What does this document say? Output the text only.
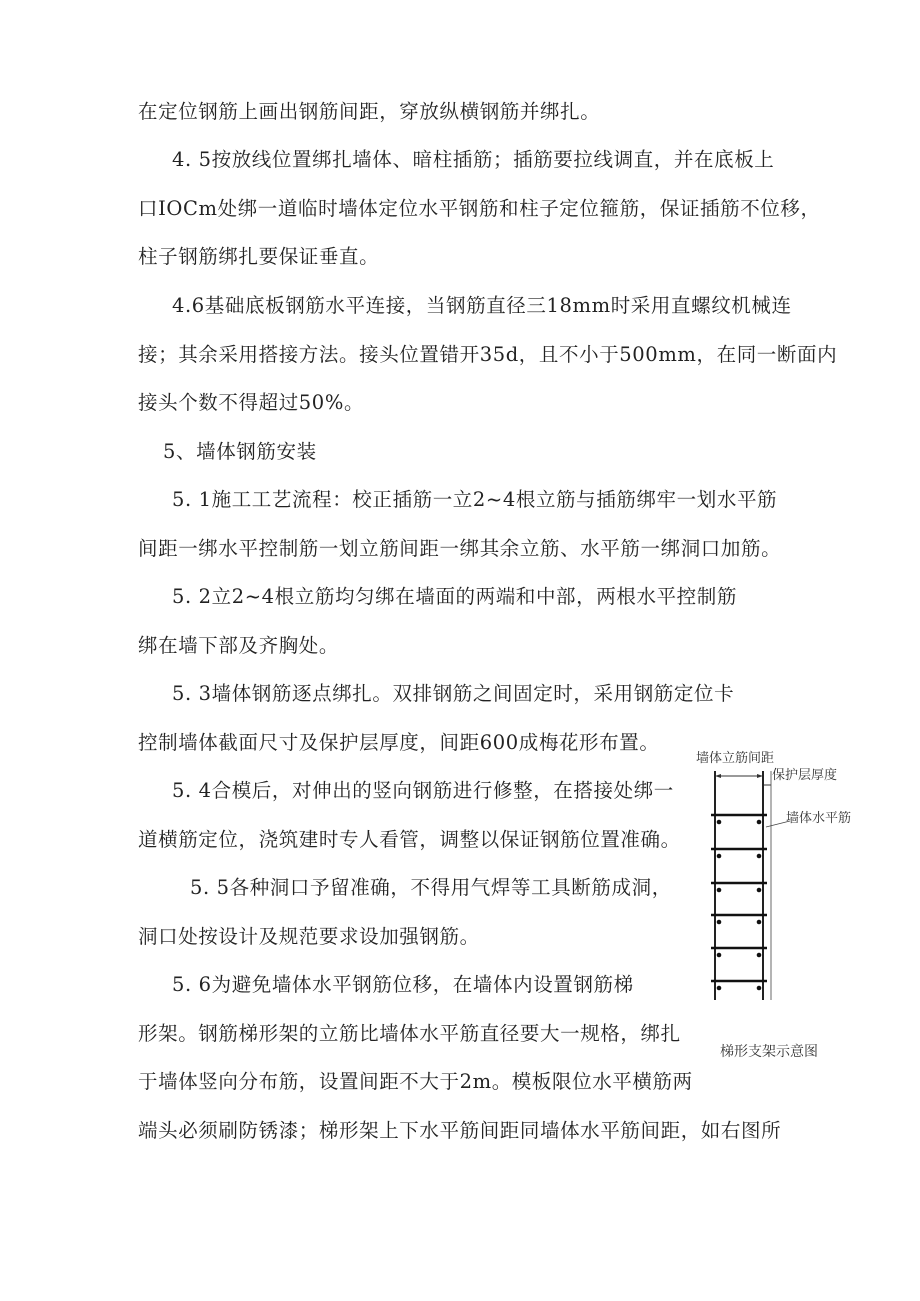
在定位钢筋上画出钢筋间距，穿放纵横钢筋并绑扎。
4. 5按放线位置绑扎墙体、暗柱插筋；插筋要拉线调直，并在底板上
口IOCm处绑一道临时墙体定位水平钢筋和柱子定位箍筋，保证插筋不位移，
柱子钢筋绑扎要保证垂直。
4.6基础底板钢筋水平连接，当钢筋直径三18mm时采用直螺纹机械连
接；其余采用搭接方法。接头位置错开35d，且不小于500mm，在同一断面内
接头个数不得超过50%。
5、墙体钢筋安装
5. 1施工工艺流程：校正插筋一立2~4根立筋与插筋绑牢一划水平筋
间距一绑水平控制筋一划立筋间距一绑其余立筋、水平筋一绑洞口加筋。
5. 2立2~4根立筋均匀绑在墙面的两端和中部，两根水平控制筋
绑在墙下部及齐胸处。
5. 3墙体钢筋逐点绑扎。双排钢筋之间固定时，采用钢筋定位卡
控制墙体截面尺寸及保护层厚度，间距600成梅花形布置。
5. 4合模后，对伸出的竖向钢筋进行修整，在搭接处绑一
道横筋定位，浇筑建时专人看管，调整以保证钢筋位置准确。
5. 5各种洞口予留准确，不得用气焊等工具断筋成洞，
洞口处按设计及规范要求设加强钢筋。
5. 6为避免墙体水平钢筋位移，在墙体内设置钢筋梯
形架。钢筋梯形架的立筋比墙体水平筋直径要大一规格，绑扎
于墙体竖向分布筋，设置间距不大于2m。模板限位水平横筋两
端头必须刷防锈漆；梯形架上下水平筋间距同墙体水平筋间距，如右图所
墙体立筋间距
保护层厚度
墙体水平筋
梯形支架示意图
